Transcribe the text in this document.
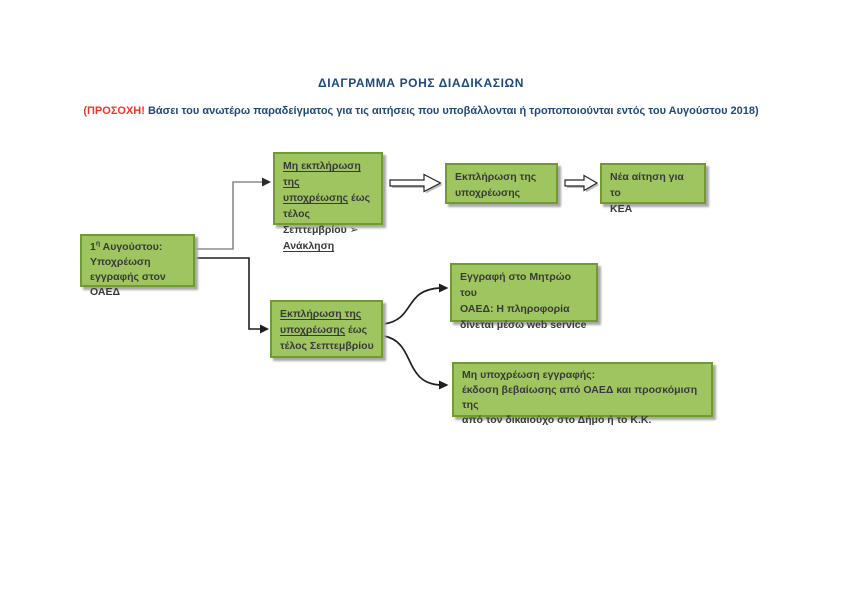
ΔΙΑΓΡΑΜΜΑ ΡΟΗΣ ΔΙΑΔΙΚΑΣΙΩΝ
(ΠΡΟΣΟΧΗ! Βάσει του ανωτέρω παραδείγματος για τις αιτήσεις που υποβάλλονται ή τροποποιούνται εντός του Αυγούστου 2018)
$1^\eta$ Αυγούστου:
Υποχρέωση
εγγραφής στον ΟΑΕΔ
Μη εκπλήρωση της
υποχρέωσης έως
τέλος Σεπτεμβρίου ➢
Ανάκληση
Εκπλήρωση της
υποχρέωσης
Νέα αίτηση για το
ΚΕΑ
Εκπλήρωση της
υποχρέωσης έως
τέλος Σεπτεμβρίου
Εγγραφή στο Μητρώο του
ΟΑΕΔ: Η πληροφορία
δίνεται μέσω web service
Μη υποχρέωση εγγραφής:
έκδοση βεβαίωσης από ΟΑΕΔ και προσκόμιση της
από τον δικαιούχο στο Δήμο ή το Κ.Κ.
